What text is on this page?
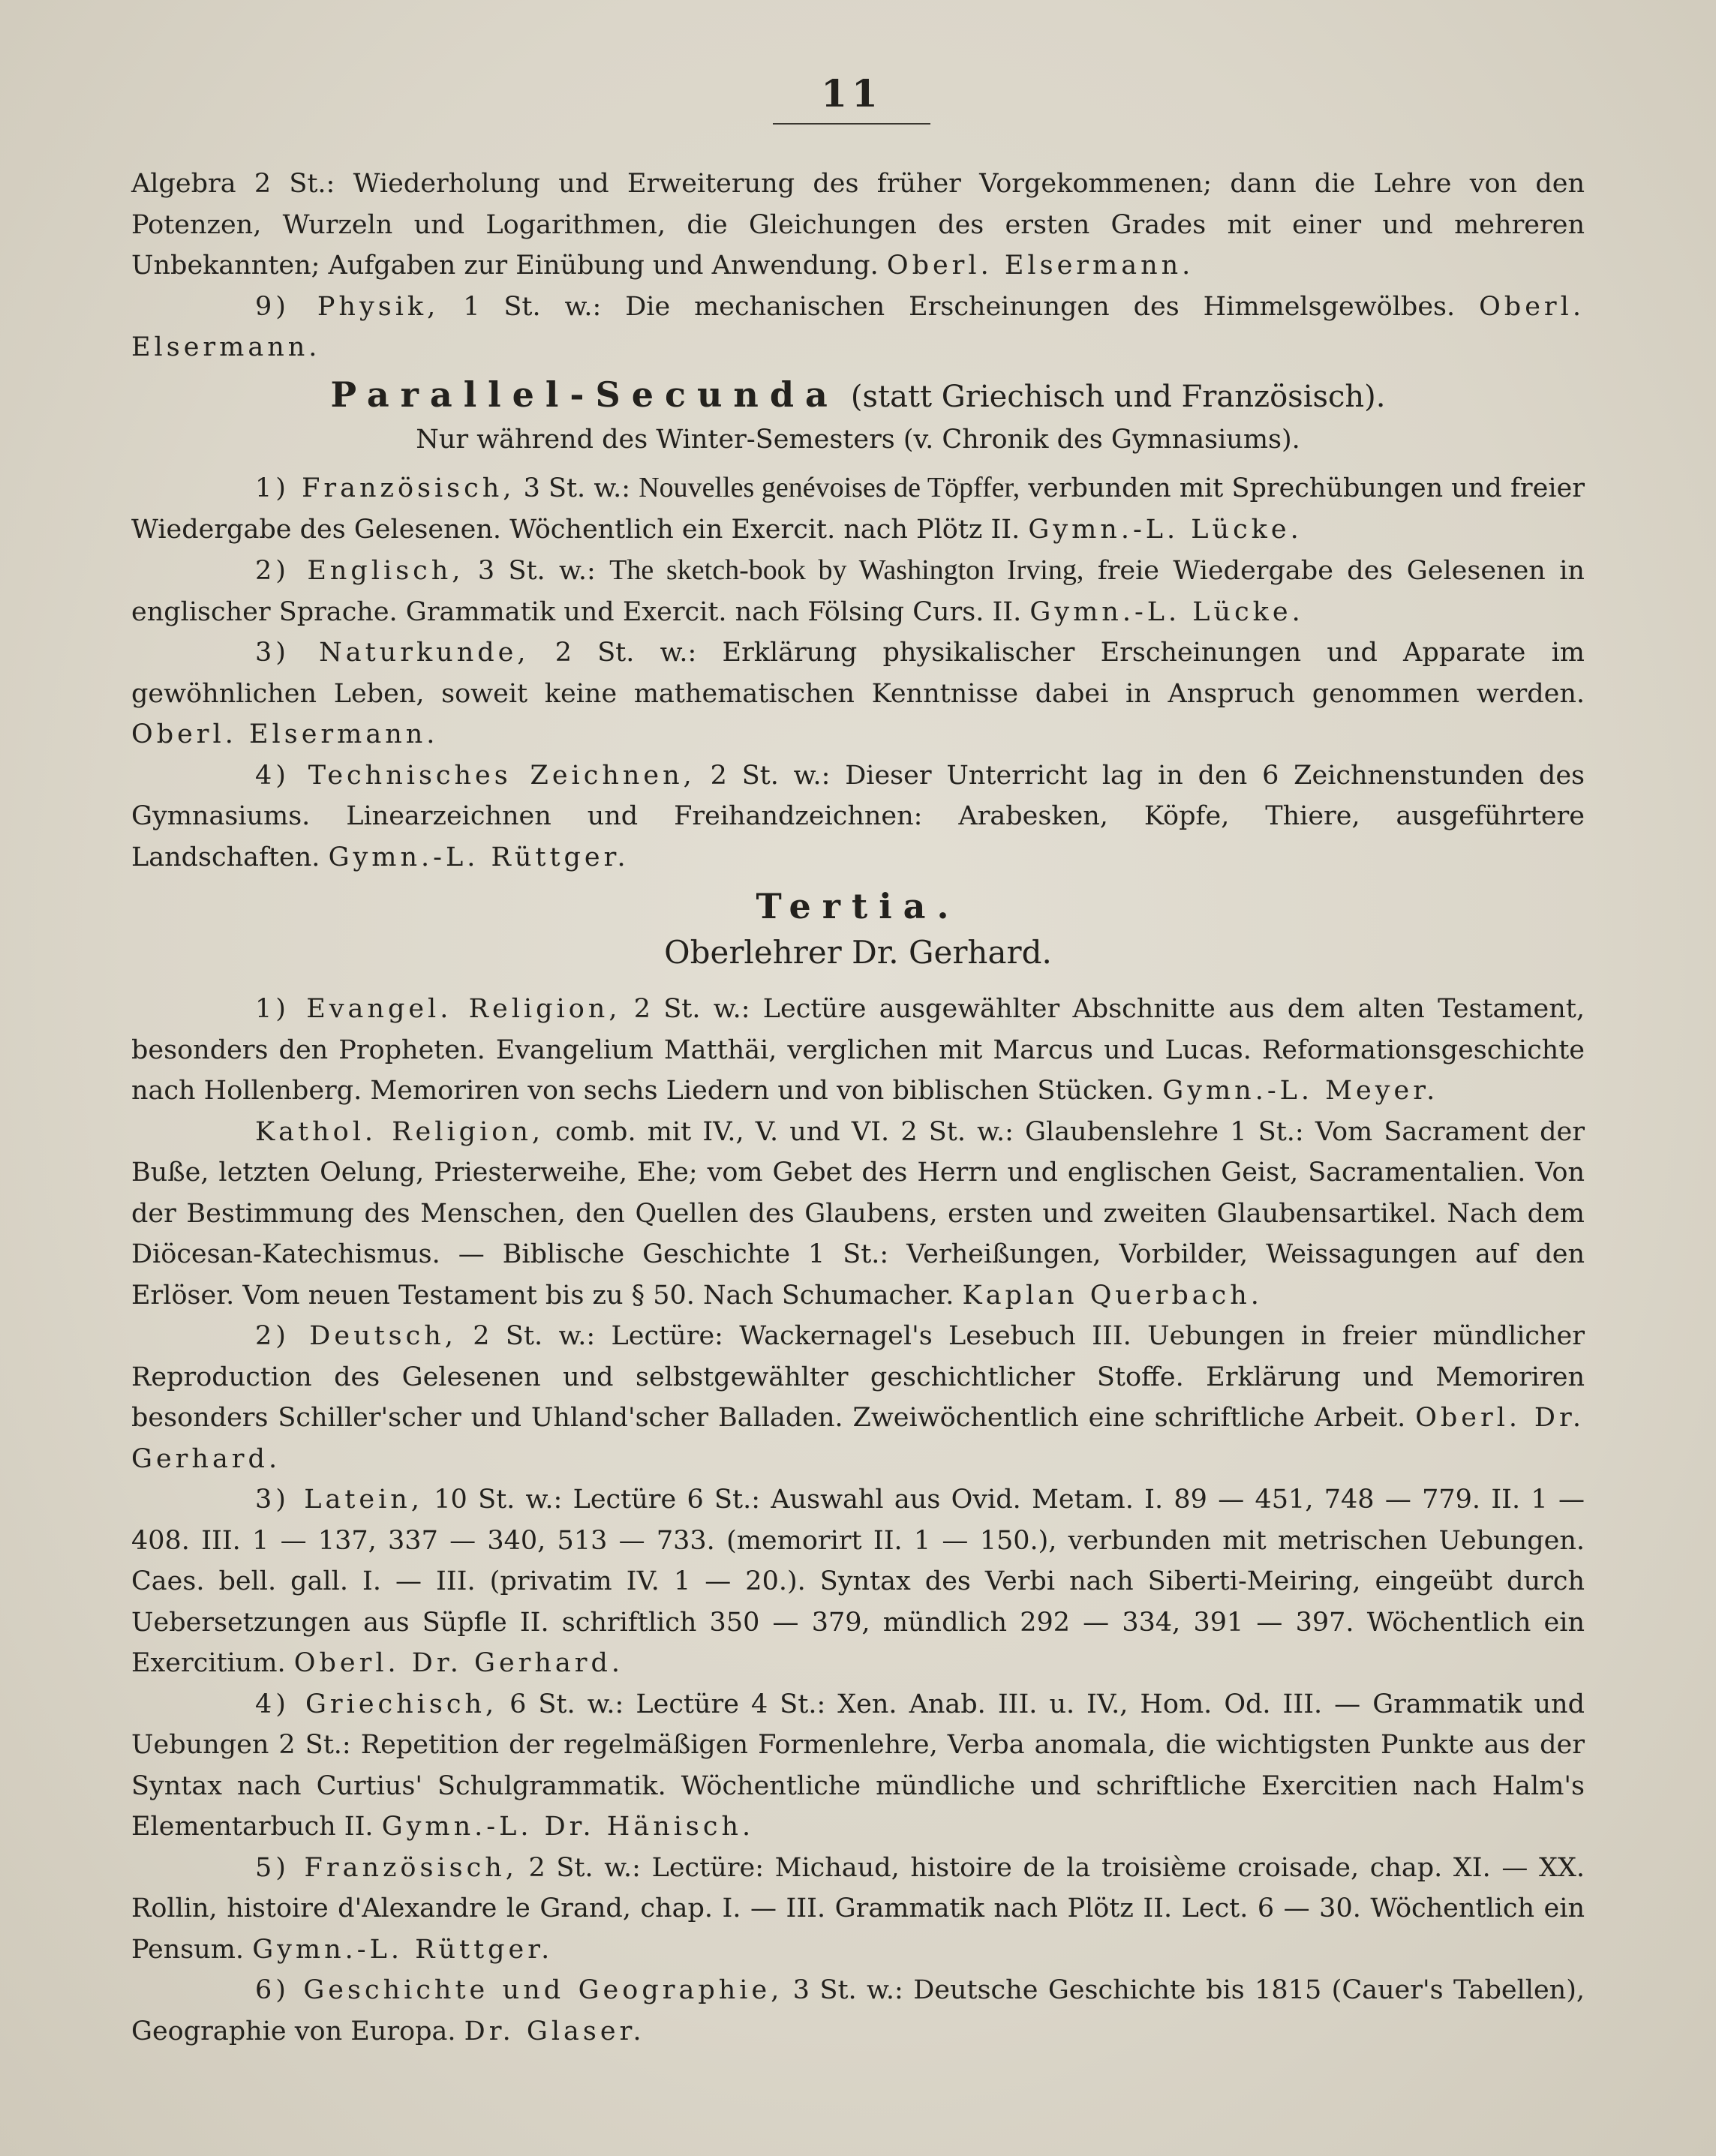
11

Algebra 2 St.: Wiederholung und Erweiterung des früher Vorgekommenen; dann die Lehre von den Potenzen, Wurzeln und Logarithmen, die Gleichungen des ersten Grades mit einer und mehreren Unbekannten; Aufgaben zur Einübung und Anwendung. Oberl. Elsermann.

9) Physik, 1 St. w.: Die mechanischen Erscheinungen des Himmelsgewölbes. Oberl. Elsermann.

Parallel-Secunda (statt Griechisch und Französisch).

Nur während des Winter-Semesters (v. Chronik des Gymnasiums).

1) Französisch, 3 St. w.: Nouvelles genévoises de Töpffer, verbunden mit Sprechübungen und freier Wiedergabe des Gelesenen. Wöchentlich ein Exercit. nach Plötz II. Gymn.-L. Lücke.

2) Englisch, 3 St. w.: The sketch-book by Washington Irving, freie Wiedergabe des Gelesenen in englischer Sprache. Grammatik und Exercit. nach Fölsing Curs. II. Gymn.-L. Lücke.

3) Naturkunde, 2 St. w.: Erklärung physikalischer Erscheinungen und Apparate im gewöhnlichen Leben, soweit keine mathematischen Kenntnisse dabei in Anspruch genommen werden. Oberl. Elsermann.

4) Technisches Zeichnen, 2 St. w.: Dieser Unterricht lag in den 6 Zeichnenstunden des Gymnasiums. Linearzeichnen und Freihandzeichnen: Arabesken, Köpfe, Thiere, ausgeführtere Landschaften. Gymn.-L. Rüttger.

Tertia.

Oberlehrer Dr. Gerhard.

1) Evangel. Religion, 2 St. w.: Lectüre ausgewählter Abschnitte aus dem alten Testament, besonders den Propheten. Evangelium Matthäi, verglichen mit Marcus und Lucas. Reformationsgeschichte nach Hollenberg. Memoriren von sechs Liedern und von biblischen Stücken. Gymn.-L. Meyer.

Kathol. Religion, comb. mit IV., V. und VI. 2 St. w.: Glaubenslehre 1 St.: Vom Sacrament der Buße, letzten Oelung, Priesterweihe, Ehe; vom Gebet des Herrn und englischen Geist, Sacramentalien. Von der Bestimmung des Menschen, den Quellen des Glaubens, ersten und zweiten Glaubensartikel. Nach dem Diöcesan-Katechismus. — Biblische Geschichte 1 St.: Verheißungen, Vorbilder, Weissagungen auf den Erlöser. Vom neuen Testament bis zu § 50. Nach Schumacher. Kaplan Querbach.

2) Deutsch, 2 St. w.: Lectüre: Wackernagel's Lesebuch III. Uebungen in freier mündlicher Reproduction des Gelesenen und selbstgewählter geschichtlicher Stoffe. Erklärung und Memoriren besonders Schiller'scher und Uhland'scher Balladen. Zweiwöchentlich eine schriftliche Arbeit. Oberl. Dr. Gerhard.

3) Latein, 10 St. w.: Lectüre 6 St.: Auswahl aus Ovid. Metam. I. 89 — 451, 748 — 779. II. 1 — 408. III. 1 — 137, 337 — 340, 513 — 733. (memorirt II. 1 — 150.), verbunden mit metrischen Uebungen. Caes. bell. gall. I. — III. (privatim IV. 1 — 20.). Syntax des Verbi nach Siberti-Meiring, eingeübt durch Uebersetzungen aus Süpfle II. schriftlich 350 — 379, mündlich 292 — 334, 391 — 397. Wöchentlich ein Exercitium. Oberl. Dr. Gerhard.

4) Griechisch, 6 St. w.: Lectüre 4 St.: Xen. Anab. III. u. IV., Hom. Od. III. — Grammatik und Uebungen 2 St.: Repetition der regelmäßigen Formenlehre, Verba anomala, die wichtigsten Punkte aus der Syntax nach Curtius' Schulgrammatik. Wöchentliche mündliche und schriftliche Exercitien nach Halm's Elementarbuch II. Gymn.-L. Dr. Hänisch.

5) Französisch, 2 St. w.: Lectüre: Michaud, histoire de la troisième croisade, chap. XI. — XX. Rollin, histoire d'Alexandre le Grand, chap. I. — III. Grammatik nach Plötz II. Lect. 6 — 30. Wöchentlich ein Pensum. Gymn.-L. Rüttger.

6) Geschichte und Geographie, 3 St. w.: Deutsche Geschichte bis 1815 (Cauer's Tabellen), Geographie von Europa. Dr. Glaser.
